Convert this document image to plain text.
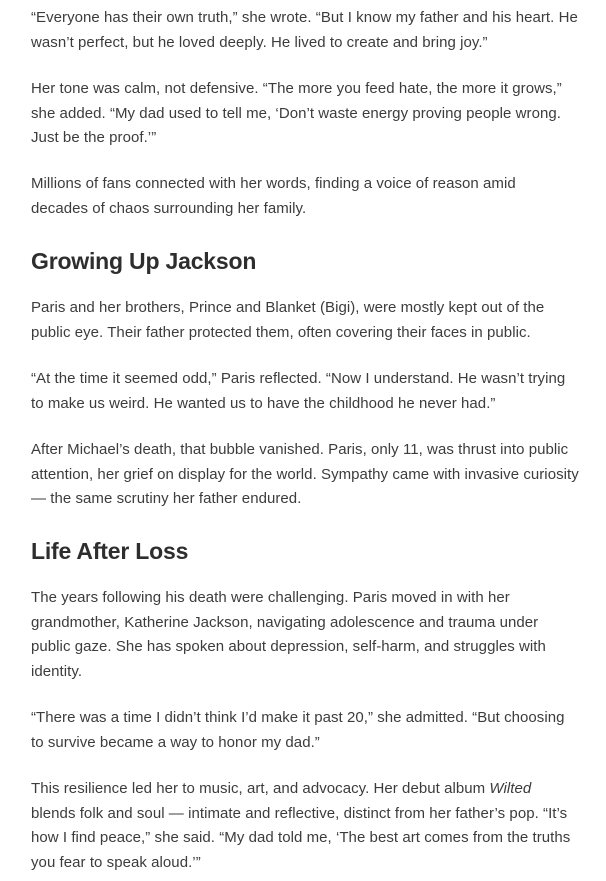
“Everyone has their own truth,” she wrote. “But I know my father and his heart. He wasn’t perfect, but he loved deeply. He lived to create and bring joy.”

Her tone was calm, not defensive. “The more you feed hate, the more it grows,” she added. “My dad used to tell me, ‘Don’t waste energy proving people wrong. Just be the proof.’”

Millions of fans connected with her words, finding a voice of reason amid decades of chaos surrounding her family.

Growing Up Jackson

Paris and her brothers, Prince and Blanket (Bigi), were mostly kept out of the public eye. Their father protected them, often covering their faces in public.

“At the time it seemed odd,” Paris reflected. “Now I understand. He wasn’t trying to make us weird. He wanted us to have the childhood he never had.”

After Michael’s death, that bubble vanished. Paris, only 11, was thrust into public attention, her grief on display for the world. Sympathy came with invasive curiosity — the same scrutiny her father endured.

Life After Loss

The years following his death were challenging. Paris moved in with her grandmother, Katherine Jackson, navigating adolescence and trauma under public gaze. She has spoken about depression, self-harm, and struggles with identity.

“There was a time I didn’t think I’d make it past 20,” she admitted. “But choosing to survive became a way to honor my dad.”

This resilience led her to music, art, and advocacy. Her debut album Wilted blends folk and soul — intimate and reflective, distinct from her father’s pop. “It’s how I find peace,” she said. “My dad told me, ‘The best art comes from the truths you fear to speak aloud.’”
